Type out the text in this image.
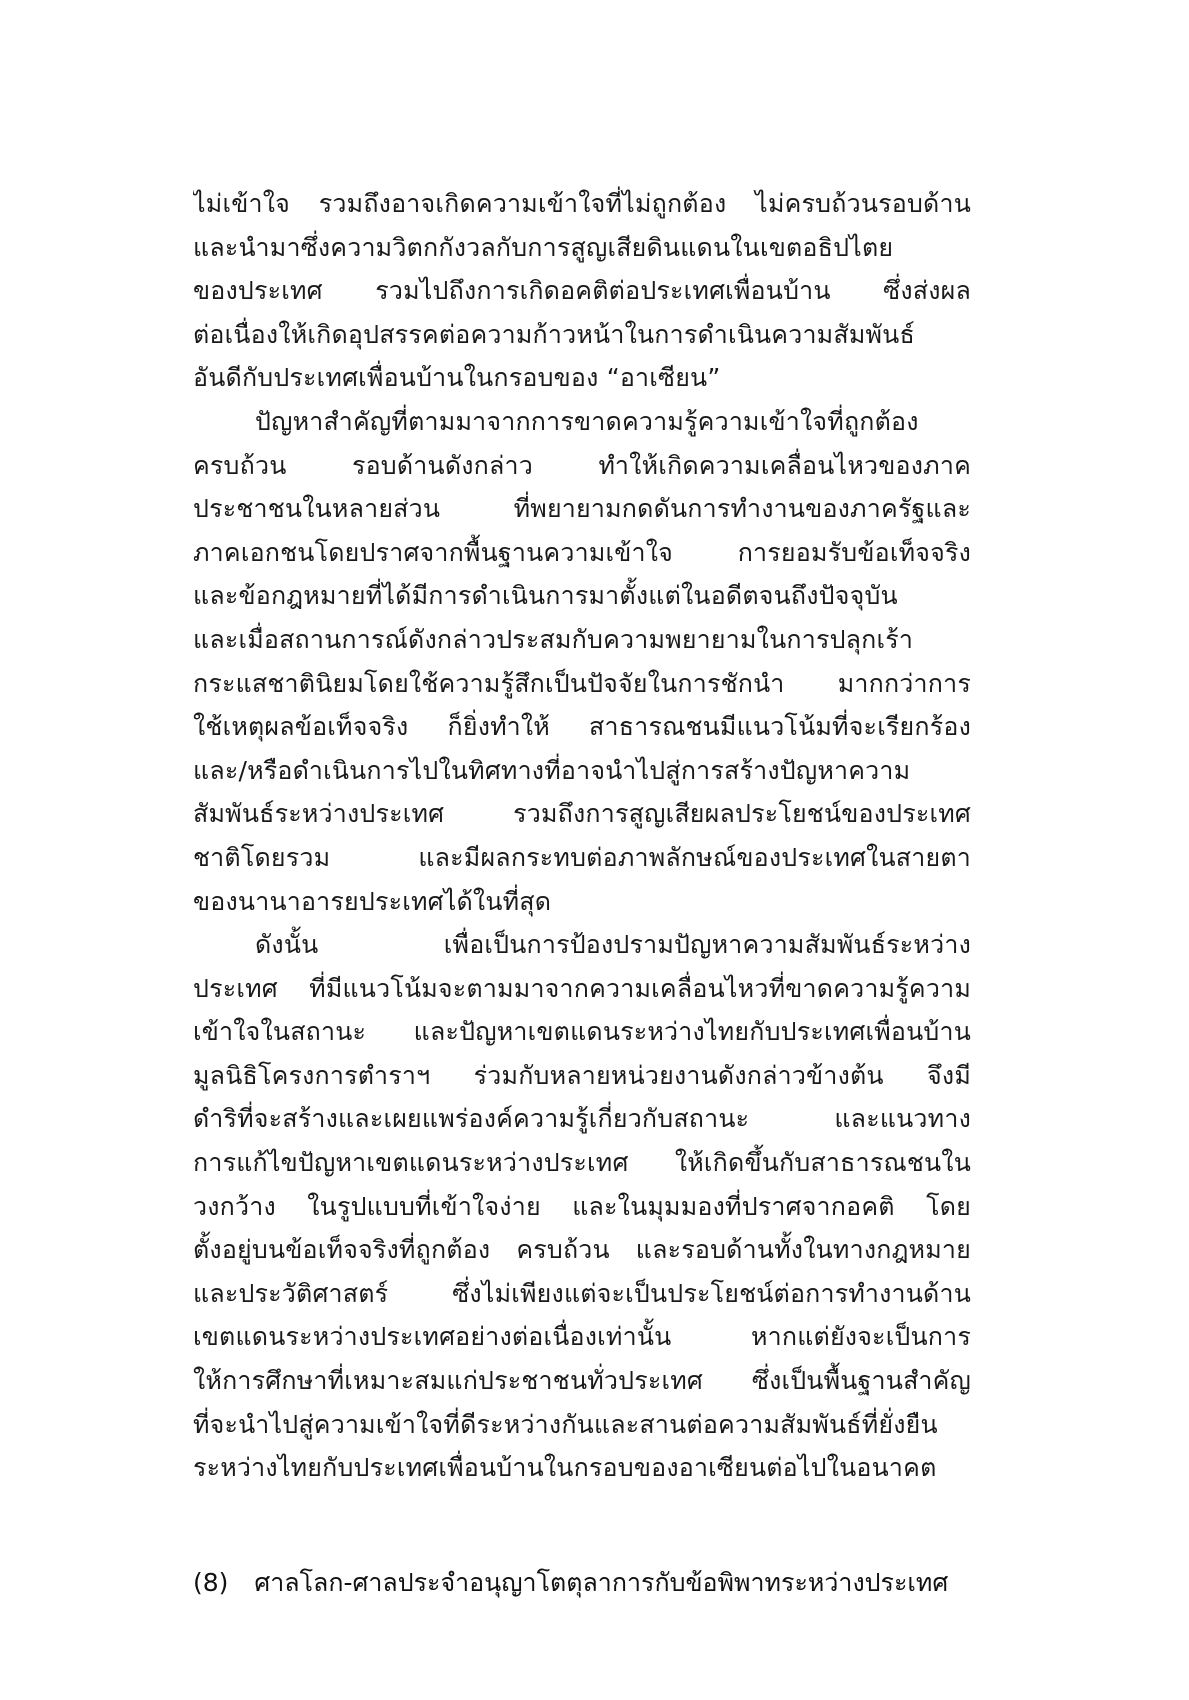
ไม่เข้าใจ รวมถึงอาจเกิดความเข้าใจที่ไม่ถูกต้อง ไม่ครบถ้วนรอบด้าน
และนำมาซึ่งความวิตกกังวลกับการสูญเสียดินแดนในเขตอธิปไตย
ของประเทศ รวมไปถึงการเกิดอคติต่อประเทศเพื่อนบ้าน ซึ่งส่งผล
ต่อเนื่องให้เกิดอุปสรรคต่อความก้าวหน้าในการดำเนินความสัมพันธ์
อันดีกับประเทศเพื่อนบ้านในกรอบของ “อาเซียน”
ปัญหาสำคัญที่ตามมาจากการขาดความรู้ความเข้าใจที่ถูกต้อง
ครบถ้วน รอบด้านดังกล่าว ทำให้เกิดความเคลื่อนไหวของภาค
ประชาชนในหลายส่วน ที่พยายามกดดันการทำงานของภาครัฐและ
ภาคเอกชนโดยปราศจากพื้นฐานความเข้าใจ การยอมรับข้อเท็จจริง
และข้อกฎหมายที่ได้มีการดำเนินการมาตั้งแต่ในอดีตจนถึงปัจจุบัน
และเมื่อสถานการณ์ดังกล่าวประสมกับความพยายามในการปลุกเร้า
กระแสชาตินิยมโดยใช้ความรู้สึกเป็นปัจจัยในการชักนำ มากกว่าการ
ใช้เหตุผลข้อเท็จจริง ก็ยิ่งทำให้ สาธารณชนมีแนวโน้มที่จะเรียกร้อง
และ/หรือดำเนินการไปในทิศทางที่อาจนำไปสู่การสร้างปัญหาความ
สัมพันธ์ระหว่างประเทศ รวมถึงการสูญเสียผลประโยชน์ของประเทศ
ชาติโดยรวม และมีผลกระทบต่อภาพลักษณ์ของประเทศในสายตา
ของนานาอารยประเทศได้ในที่สุด
ดังนั้น เพื่อเป็นการป้องปรามปัญหาความสัมพันธ์ระหว่าง
ประเทศ ที่มีแนวโน้มจะตามมาจากความเคลื่อนไหวที่ขาดความรู้ความ
เข้าใจในสถานะ และปัญหาเขตแดนระหว่างไทยกับประเทศเพื่อนบ้าน
มูลนิธิโครงการตำราฯ ร่วมกับหลายหน่วยงานดังกล่าวข้างต้น จึงมี
ดำริที่จะสร้างและเผยแพร่องค์ความรู้เกี่ยวกับสถานะ และแนวทาง
การแก้ไขปัญหาเขตแดนระหว่างประเทศ ให้เกิดขึ้นกับสาธารณชนใน
วงกว้าง ในรูปแบบที่เข้าใจง่าย และในมุมมองที่ปราศจากอคติ โดย
ตั้งอยู่บนข้อเท็จจริงที่ถูกต้อง ครบถ้วน และรอบด้านทั้งในทางกฎหมาย
และประวัติศาสตร์ ซึ่งไม่เพียงแต่จะเป็นประโยชน์ต่อการทำงานด้าน
เขตแดนระหว่างประเทศอย่างต่อเนื่องเท่านั้น หากแต่ยังจะเป็นการ
ให้การศึกษาที่เหมาะสมแก่ประชาชนทั่วประเทศ ซึ่งเป็นพื้นฐานสำคัญ
ที่จะนำไปสู่ความเข้าใจที่ดีระหว่างกันและสานต่อความสัมพันธ์ที่ยั่งยืน
ระหว่างไทยกับประเทศเพื่อนบ้านในกรอบของอาเซียนต่อไปในอนาคต
(8) ศาลโลก-ศาลประจำอนุญาโตตุลาการกับข้อพิพาทระหว่างประเทศ
